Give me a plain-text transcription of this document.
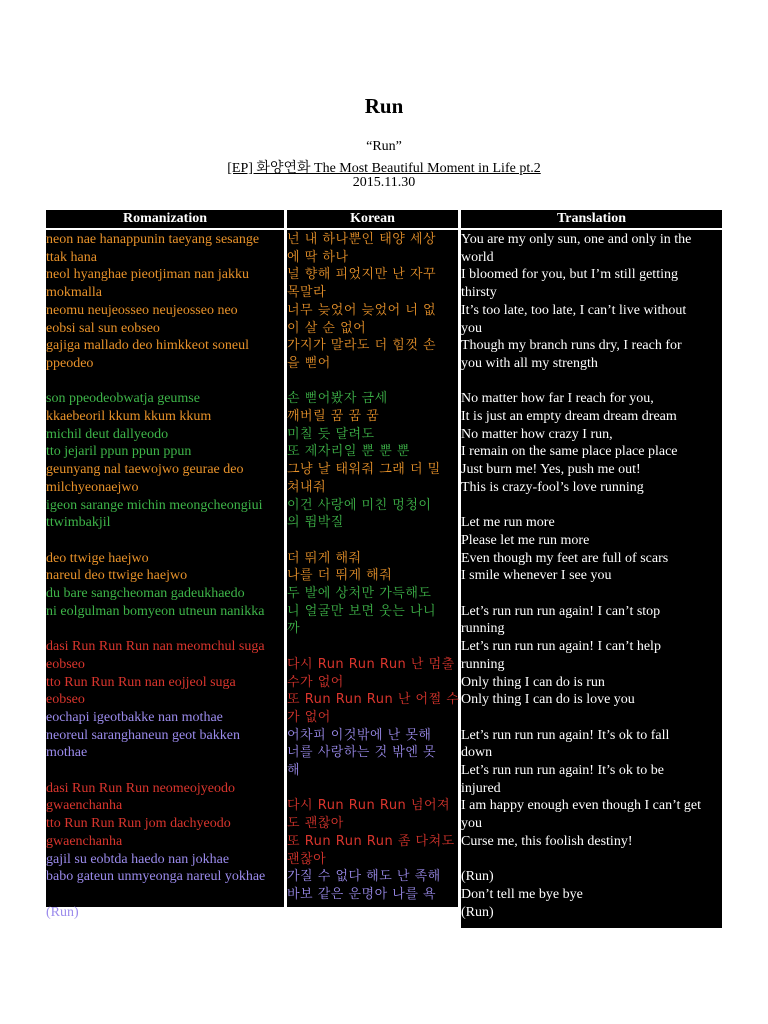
Run
“Run”
[EP] 화양연화 The Most Beautiful Moment in Life pt.2
2015.11.30
Romanization
neon nae hanappunin taeyang sesange
ttak hana
neol hyanghae pieotjiman nan jakku
mokmalla
neomu neujeosseo neujeosseo neo
eobsi sal sun eobseo
gajiga mallado deo himkkeot soneul
ppeodeo
son ppeodeobwatja geumse
kkaebeoril kkum kkum kkum
michil deut dallyeodo
tto jejaril ppun ppun ppun
geunyang nal taewojwo geurae deo
milchyeonaejwo
igeon sarange michin meongcheongiui
ttwimbakjil
deo ttwige haejwo
nareul deo ttwige haejwo
du bare sangcheoman gadeukhaedo
ni eolgulman bomyeon utneun nanikka
dasi Run Run Run nan meomchul suga
eobseo
tto Run Run Run nan eojjeol suga
eobseo
eochapi igeotbakke nan mothae
neoreul saranghaneun geot bakken
mothae
dasi Run Run Run neomeojyeodo
gwaenchanha
tto Run Run Run jom dachyeodo
gwaenchanha
gajil su eobtda haedo nan jokhae
babo gateun unmyeonga nareul yokhae
(Run)
Korean
넌 내 하나뿐인 태양 세상
에 딱 하나
널 향해 피었지만 난 자꾸
목말라
너무 늦었어 늦었어 너 없
이 살 순 없어
가지가 말라도 더 힘껏 손
을 뻗어
손 뻗어봤자 금세
깨버릴 꿈 꿈 꿈
미칠 듯 달려도
또 제자리일 뿐 뿐 뿐
그냥 날 태워줘 그래 더 밀
쳐내줘
이건 사랑에 미친 멍청이
의 뜀박질
더 뛰게 해줘
나를 더 뛰게 해줘
두 발에 상처만 가득해도
니 얼굴만 보면 웃는 나니
까
다시 Run Run Run 난 멈출
수가 없어
또 Run Run Run 난 어쩔 수
가 없어
어차피 이것밖에 난 못해
너를 사랑하는 것 밖엔 못
해
다시 Run Run Run 넘어져
도 괜찮아
또 Run Run Run 좀 다쳐도
괜찮아
가질 수 없다 해도 난 족해
바보 같은 운명아 나를 욕
Translation
You are my only sun, one and only in the
world
I bloomed for you, but I’m still getting
thirsty
It’s too late, too late, I can’t live without
you
Though my branch runs dry, I reach for
you with all my strength
No matter how far I reach for you,
It is just an empty dream dream dream
No matter how crazy I run,
I remain on the same place place place
Just burn me! Yes, push me out!
This is crazy-fool’s love running
Let me run more
Please let me run more
Even though my feet are full of scars
I smile whenever I see you
Let’s run run run again! I can’t stop
running
Let’s run run run again! I can’t help
running
Only thing I can do is run
Only thing I can do is love you
Let’s run run run again! It’s ok to fall
down
Let’s run run run again! It’s ok to be
injured
I am happy enough even though I can’t get
you
Curse me, this foolish destiny!
(Run)
Don’t tell me bye bye
(Run)
